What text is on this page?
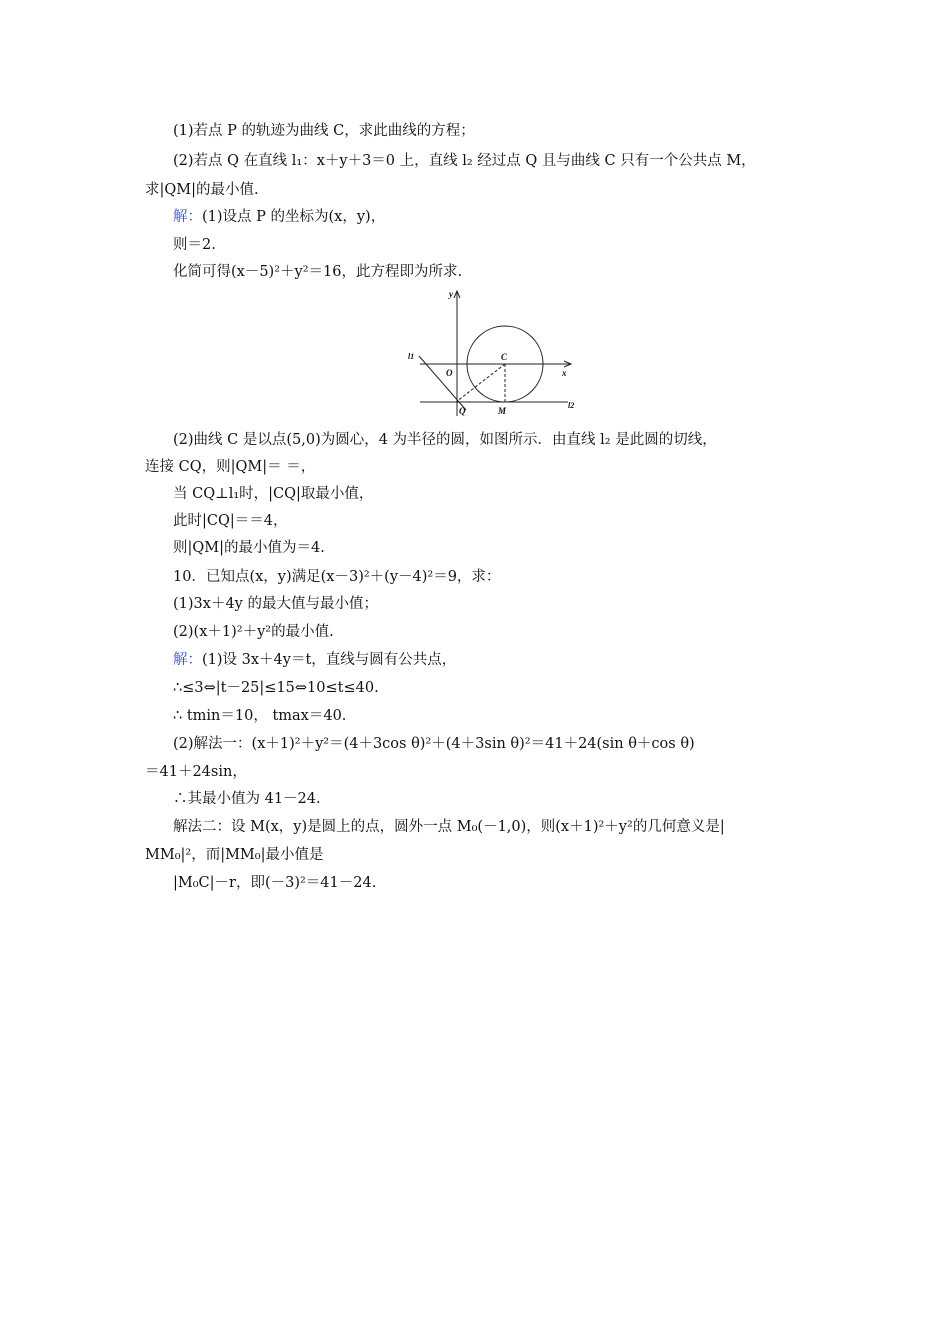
(1)若点 P 的轨迹为曲线 C，求此曲线的方程；
(2)若点 Q 在直线 l₁：x＋y＋3＝0 上，直线 l₂ 经过点 Q 且与曲线 C 只有一个公共点 M，
求|QM|的最小值.
解：(1)设点 P 的坐标为(x，y)，
则＝2.
化简可得(x－5)²＋y²＝16，此方程即为所求.
y
x
O
C
Q	M
l1
l2
(2)曲线 C 是以点(5,0)为圆心，4 为半径的圆，如图所示．由直线 l₂ 是此圆的切线，
连接 CQ，则|QM|＝ ＝，
当 CQ⊥l₁时，|CQ|取最小值，
此时|CQ|＝＝4，
则|QM|的最小值为＝4.
10．已知点(x，y)满足(x－3)²＋(y－4)²＝9，求：
(1)3x＋4y 的最大值与最小值；
(2)(x＋1)²＋y²的最小值.
解：(1)设 3x＋4y＝t，直线与圆有公共点，
∴≤3⇔|t－25|≤15⇔10≤t≤40.
∴ tmin＝10， tmax＝40.
(2)解法一：(x＋1)²＋y²＝(4＋3cos θ)²＋(4＋3sin θ)²＝41＋24(sin θ＋cos θ)
＝41＋24sin，
∴其最小值为 41－24.
解法二：设 M(x，y)是圆上的点，圆外一点 M₀(－1,0)，则(x＋1)²＋y²的几何意义是|
MM₀|²，而|MM₀|最小值是
|M₀C|－r，即(－3)²＝41－24.
